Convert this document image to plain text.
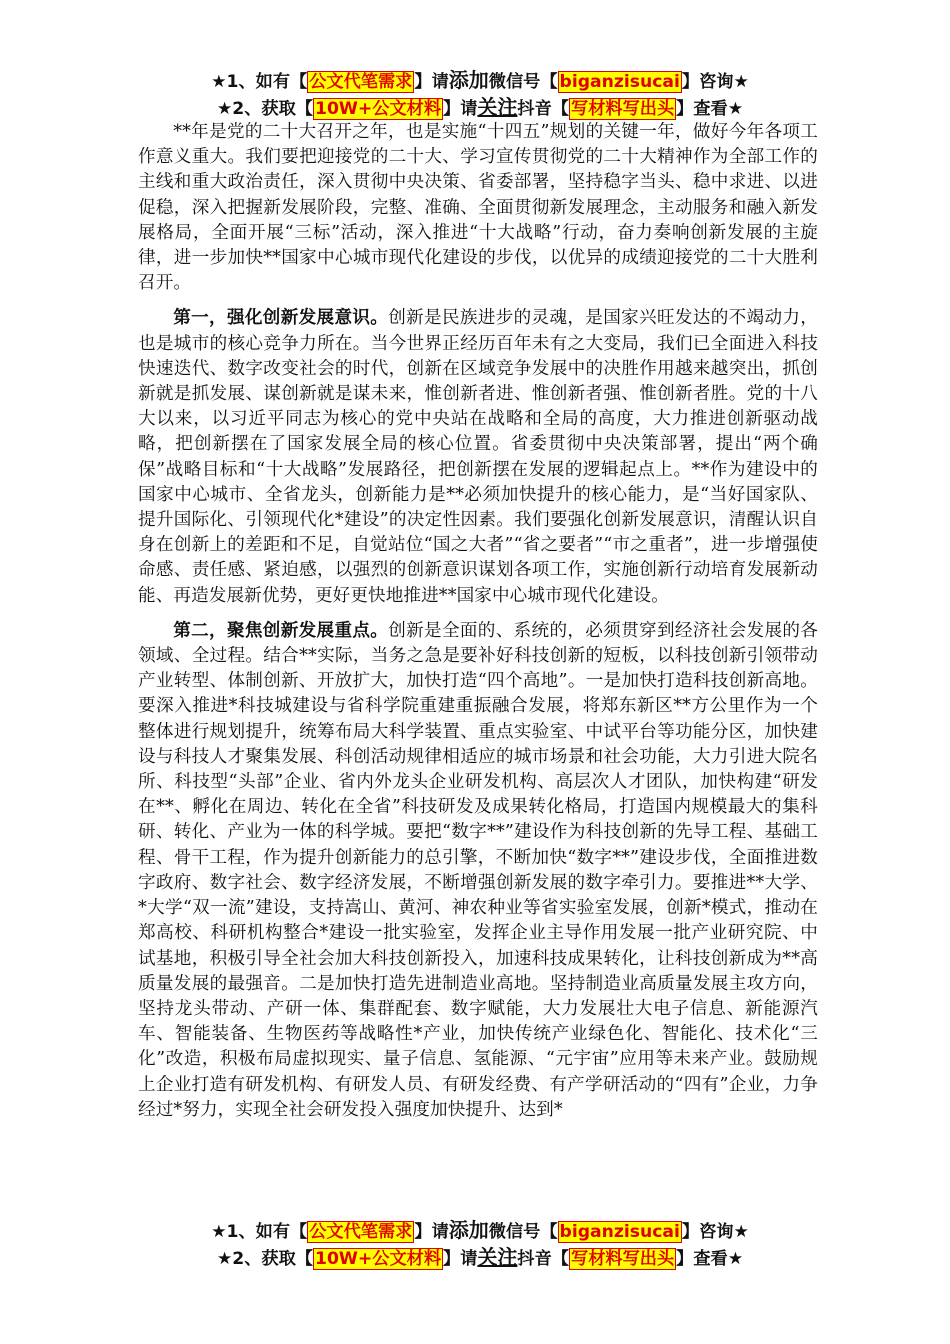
★1、如有【 公文代笔需求 】请添加微信号【 biganzisucai 】咨询★
★2、获取【 10W+公文材料 】请关注抖音【 写材料写出头 】查看★

**年是党的二十大召开之年，也是实施“十四五”规划的关键一年，做好今年各项工作意义重大。我们要把迎接党的二十大、学习宣传贯彻党的二十大精神作为全部工作的主线和重大政治责任，深入贯彻中央决策、省委部署，坚持稳字当头、稳中求进、以进促稳，深入把握新发展阶段，完整、准确、全面贯彻新发展理念，主动服务和融入新发展格局，全面开展“三标”活动，深入推进“十大战略”行动，奋力奏响创新发展的主旋律，进一步加快**国家中心城市现代化建设的步伐，以优异的成绩迎接党的二十大胜利召开。

第一，强化创新发展意识。创新是民族进步的灵魂，是国家兴旺发达的不竭动力，也是城市的核心竞争力所在。当今世界正经历百年未有之大变局，我们已全面进入科技快速迭代、数字改变社会的时代，创新在区域竞争发展中的决胜作用越来越突出，抓创新就是抓发展、谋创新就是谋未来，惟创新者进、惟创新者强、惟创新者胜。党的十八大以来，以习近平同志为核心的党中央站在战略和全局的高度，大力推进创新驱动战略，把创新摆在了国家发展全局的核心位置。省委贯彻中央决策部署，提出“两个确保”战略目标和“十大战略”发展路径，把创新摆在发展的逻辑起点上。**作为建设中的国家中心城市、全省龙头，创新能力是**必须加快提升的核心能力，是“当好国家队、提升国际化、引领现代化*建设”的决定性因素。我们要强化创新发展意识，清醒认识自身在创新上的差距和不足，自觉站位“国之大者”“省之要者”“市之重者”，进一步增强使命感、责任感、紧迫感，以强烈的创新意识谋划各项工作，实施创新行动培育发展新动能、再造发展新优势，更好更快地推进**国家中心城市现代化建设。

第二，聚焦创新发展重点。创新是全面的、系统的，必须贯穿到经济社会发展的各领域、全过程。结合**实际，当务之急是要补好科技创新的短板，以科技创新引领带动产业转型、体制创新、开放扩大，加快打造“四个高地”。一是加快打造科技创新高地。要深入推进*科技城建设与省科学院重建重振融合发展，将郑东新区**方公里作为一个整体进行规划提升，统筹布局大科学装置、重点实验室、中试平台等功能分区，加快建设与科技人才聚集发展、科创活动规律相适应的城市场景和社会功能，大力引进大院名所、科技型“头部”企业、省内外龙头企业研发机构、高层次人才团队，加快构建“研发在**、孵化在周边、转化在全省”科技研发及成果转化格局，打造国内规模最大的集科研、转化、产业为一体的科学城。要把“数字**”建设作为科技创新的先导工程、基础工程、骨干工程，作为提升创新能力的总引擎，不断加快“数字**”建设步伐，全面推进数字政府、数字社会、数字经济发展，不断增强创新发展的数字牵引力。要推进**大学、*大学“双一流”建设，支持嵩山、黄河、神农种业等省实验室发展，创新*模式，推动在郑高校、科研机构整合*建设一批实验室，发挥企业主导作用发展一批产业研究院、中试基地，积极引导全社会加大科技创新投入，加速科技成果转化，让科技创新成为**高质量发展的最强音。二是加快打造先进制造业高地。坚持制造业高质量发展主攻方向，坚持龙头带动、产研一体、集群配套、数字赋能，大力发展壮大电子信息、新能源汽车、智能装备、生物医药等战略性*产业，加快传统产业绿色化、智能化、技术化“三化”改造，积极布局虚拟现实、量子信息、氢能源、“元宇宙”应用等未来产业。鼓励规上企业打造有研发机构、有研发人员、有研发经费、有产学研活动的“四有”企业，力争经过*努力，实现全社会研发投入强度加快提升、达到*

★1、如有【 公文代笔需求 】请添加微信号【 biganzisucai 】咨询★
★2、获取【 10W+公文材料 】请关注抖音【 写材料写出头 】查看★
